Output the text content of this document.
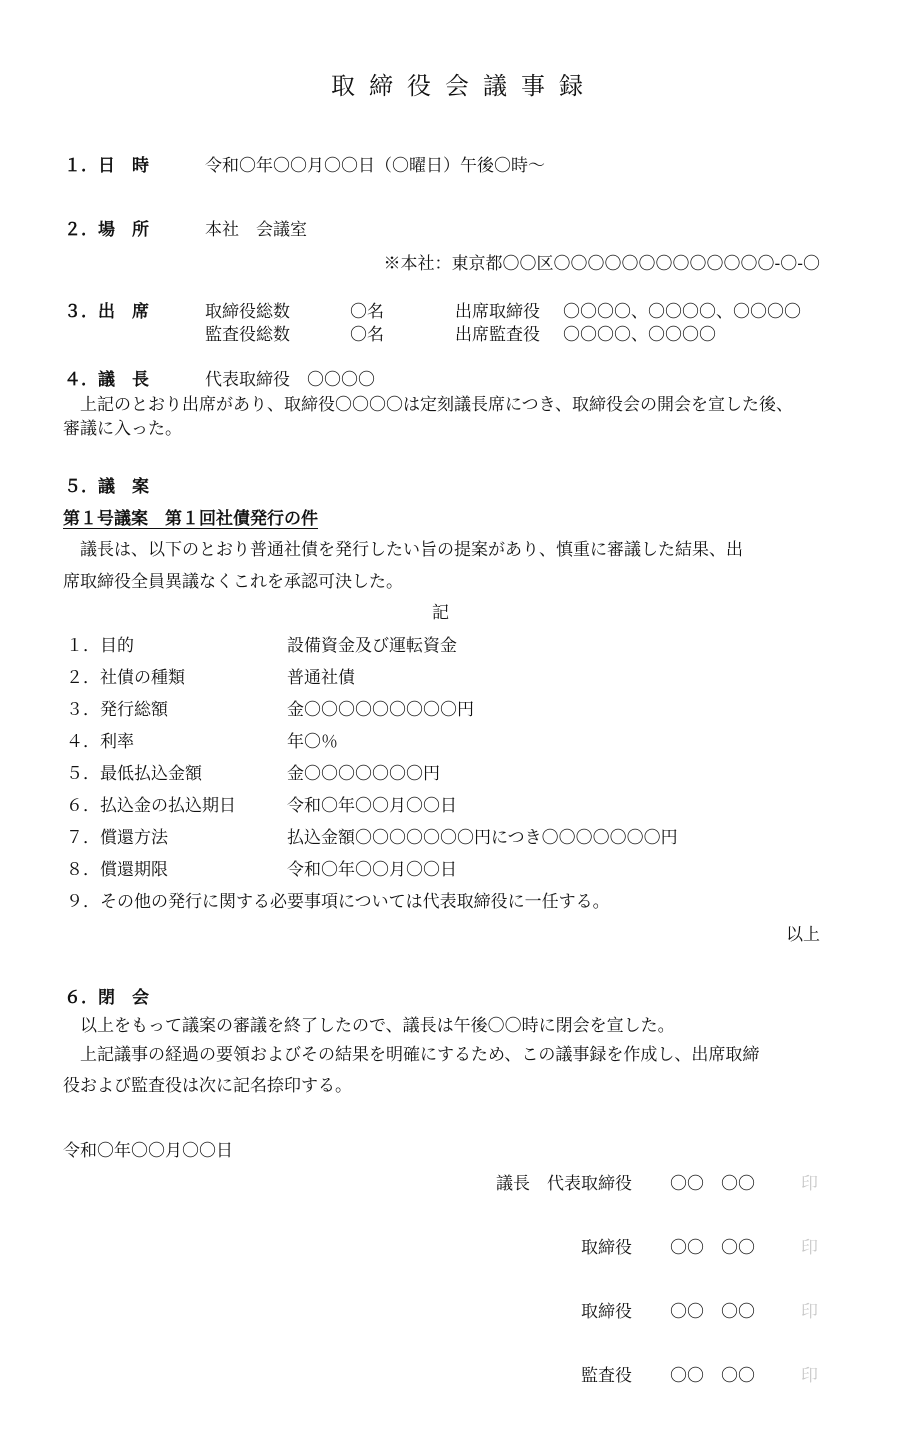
取締役会議事録
１．日　時	令和〇年〇〇月〇〇日（〇曜日）午後〇時～
２．場　所	本社　会議室
※本社：東京都〇〇区〇〇〇〇〇〇〇〇〇〇〇〇〇-〇-〇
３．出　席	取締役総数	〇名	出席取締役 〇〇〇〇、〇〇〇〇、〇〇〇〇
監査役総数	〇名	出席監査役 〇〇〇〇、〇〇〇〇
４．議　長	代表取締役　〇〇〇〇
　上記のとおり出席があり、取締役〇〇〇〇は定刻議長席につき、取締役会の開会を宣した後、
審議に入った。
５．議　案
第１号議案　第１回社債発行の件
　議長は、以下のとおり普通社債を発行したい旨の提案があり、慎重に審議した結果、出
席取締役全員異議なくこれを承認可決した。
記
１．目的	設備資金及び運転資金
２．社債の種類	普通社債
３．発行総額	金〇〇〇〇〇〇〇〇〇円
４．利率	年〇％
５．最低払込金額	金〇〇〇〇〇〇〇円
６．払込金の払込期日	令和〇年〇〇月〇〇日
７．償還方法	払込金額〇〇〇〇〇〇〇円につき〇〇〇〇〇〇〇円
８．償還期限	令和〇年〇〇月〇〇日
９．その他の発行に関する必要事項については代表取締役に一任する。
以上
６．閉　会
　以上をもって議案の審議を終了したので、議長は午後〇〇時に閉会を宣した。
　上記議事の経過の要領およびその結果を明確にするため、この議事録を作成し、出席取締
役および監査役は次に記名捺印する。
令和〇年〇〇月〇〇日
議長　代表取締役 〇〇　〇〇	印
取締役 〇〇　〇〇	印
取締役 〇〇　〇〇	印
監査役 〇〇　〇〇	印
